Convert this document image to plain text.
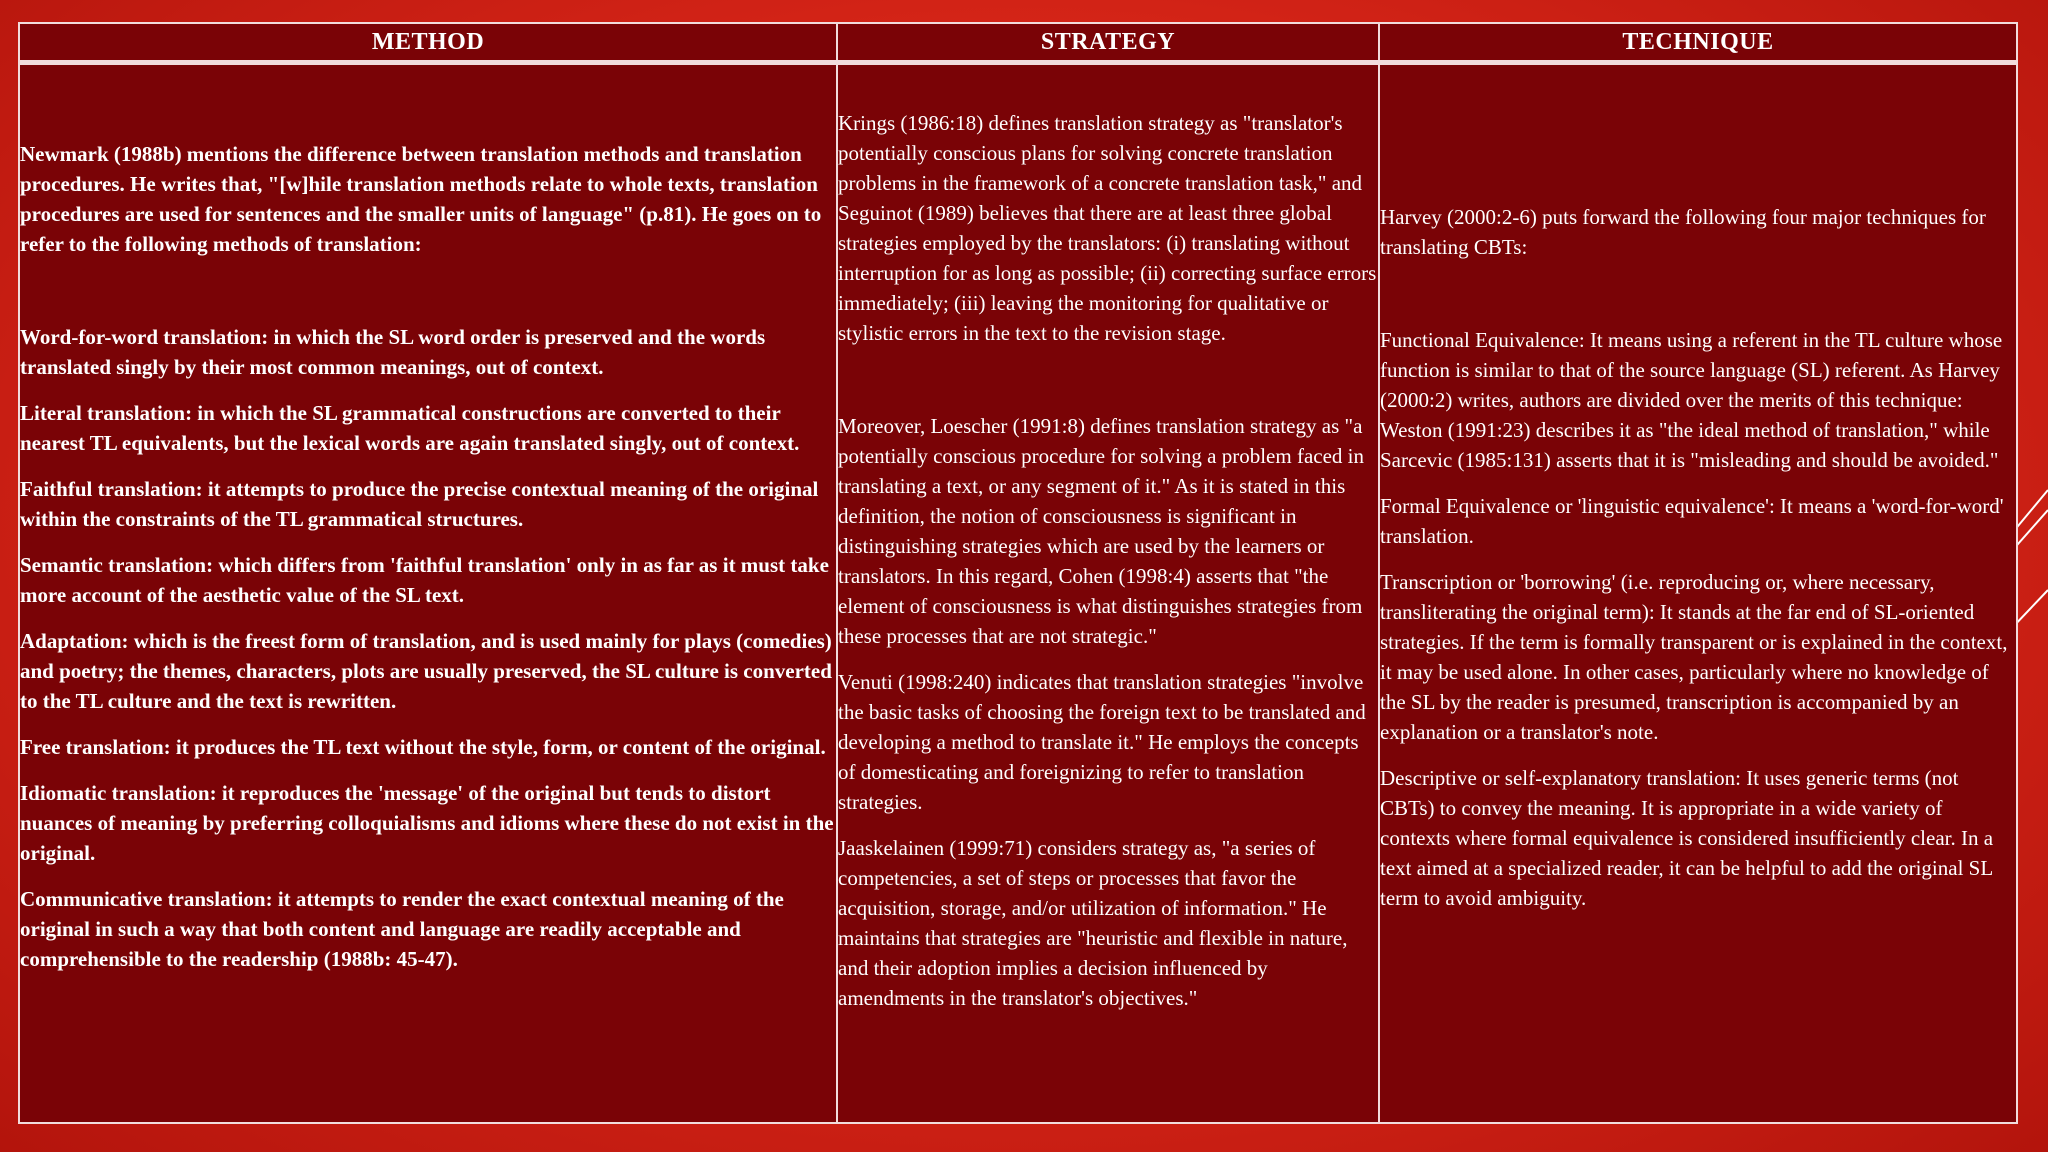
METHOD	STRATEGY	TECHNIQUE

Newmark (1988b) mentions the difference between translation methods and translation procedures. He writes that, "[w]hile translation methods relate to whole texts, translation procedures are used for sentences and the smaller units of language" (p.81). He goes on to refer to the following methods of translation:

Word-for-word translation: in which the SL word order is preserved and the words translated singly by their most common meanings, out of context.

Literal translation: in which the SL grammatical constructions are converted to their nearest TL equivalents, but the lexical words are again translated singly, out of context.

Faithful translation: it attempts to produce the precise contextual meaning of the original within the constraints of the TL grammatical structures.

Semantic translation: which differs from 'faithful translation' only in as far as it must take more account of the aesthetic value of the SL text.

Adaptation: which is the freest form of translation, and is used mainly for plays (comedies) and poetry; the themes, characters, plots are usually preserved, the SL culture is converted to the TL culture and the text is rewritten.

Free translation: it produces the TL text without the style, form, or content of the original.

Idiomatic translation: it reproduces the 'message' of the original but tends to distort nuances of meaning by preferring colloquialisms and idioms where these do not exist in the original.

Communicative translation: it attempts to render the exact contextual meaning of the original in such a way that both content and language are readily acceptable and comprehensible to the readership (1988b: 45-47).

Krings (1986:18) defines translation strategy as "translator's potentially conscious plans for solving concrete translation problems in the framework of a concrete translation task," and Seguinot (1989) believes that there are at least three global strategies employed by the translators: (i) translating without interruption for as long as possible; (ii) correcting surface errors immediately; (iii) leaving the monitoring for qualitative or stylistic errors in the text to the revision stage.

Moreover, Loescher (1991:8) defines translation strategy as "a potentially conscious procedure for solving a problem faced in translating a text, or any segment of it." As it is stated in this definition, the notion of consciousness is significant in distinguishing strategies which are used by the learners or translators. In this regard, Cohen (1998:4) asserts that "the element of consciousness is what distinguishes strategies from these processes that are not strategic."

Venuti (1998:240) indicates that translation strategies "involve the basic tasks of choosing the foreign text to be translated and developing a method to translate it." He employs the concepts of domesticating and foreignizing to refer to translation strategies.

Jaaskelainen (1999:71) considers strategy as, "a series of competencies, a set of steps or processes that favor the acquisition, storage, and/or utilization of information." He maintains that strategies are "heuristic and flexible in nature, and their adoption implies a decision influenced by amendments in the translator's objectives."

Harvey (2000:2-6) puts forward the following four major techniques for translating CBTs:

Functional Equivalence: It means using a referent in the TL culture whose function is similar to that of the source language (SL) referent. As Harvey (2000:2) writes, authors are divided over the merits of this technique: Weston (1991:23) describes it as "the ideal method of translation," while Sarcevic (1985:131) asserts that it is "misleading and should be avoided."

Formal Equivalence or 'linguistic equivalence': It means a 'word-for-word' translation.

Transcription or 'borrowing' (i.e. reproducing or, where necessary, transliterating the original term): It stands at the far end of SL-oriented strategies. If the term is formally transparent or is explained in the context, it may be used alone. In other cases, particularly where no knowledge of the SL by the reader is presumed, transcription is accompanied by an explanation or a translator's note.

Descriptive or self-explanatory translation: It uses generic terms (not CBTs) to convey the meaning. It is appropriate in a wide variety of contexts where formal equivalence is considered insufficiently clear. In a text aimed at a specialized reader, it can be helpful to add the original SL term to avoid ambiguity.
